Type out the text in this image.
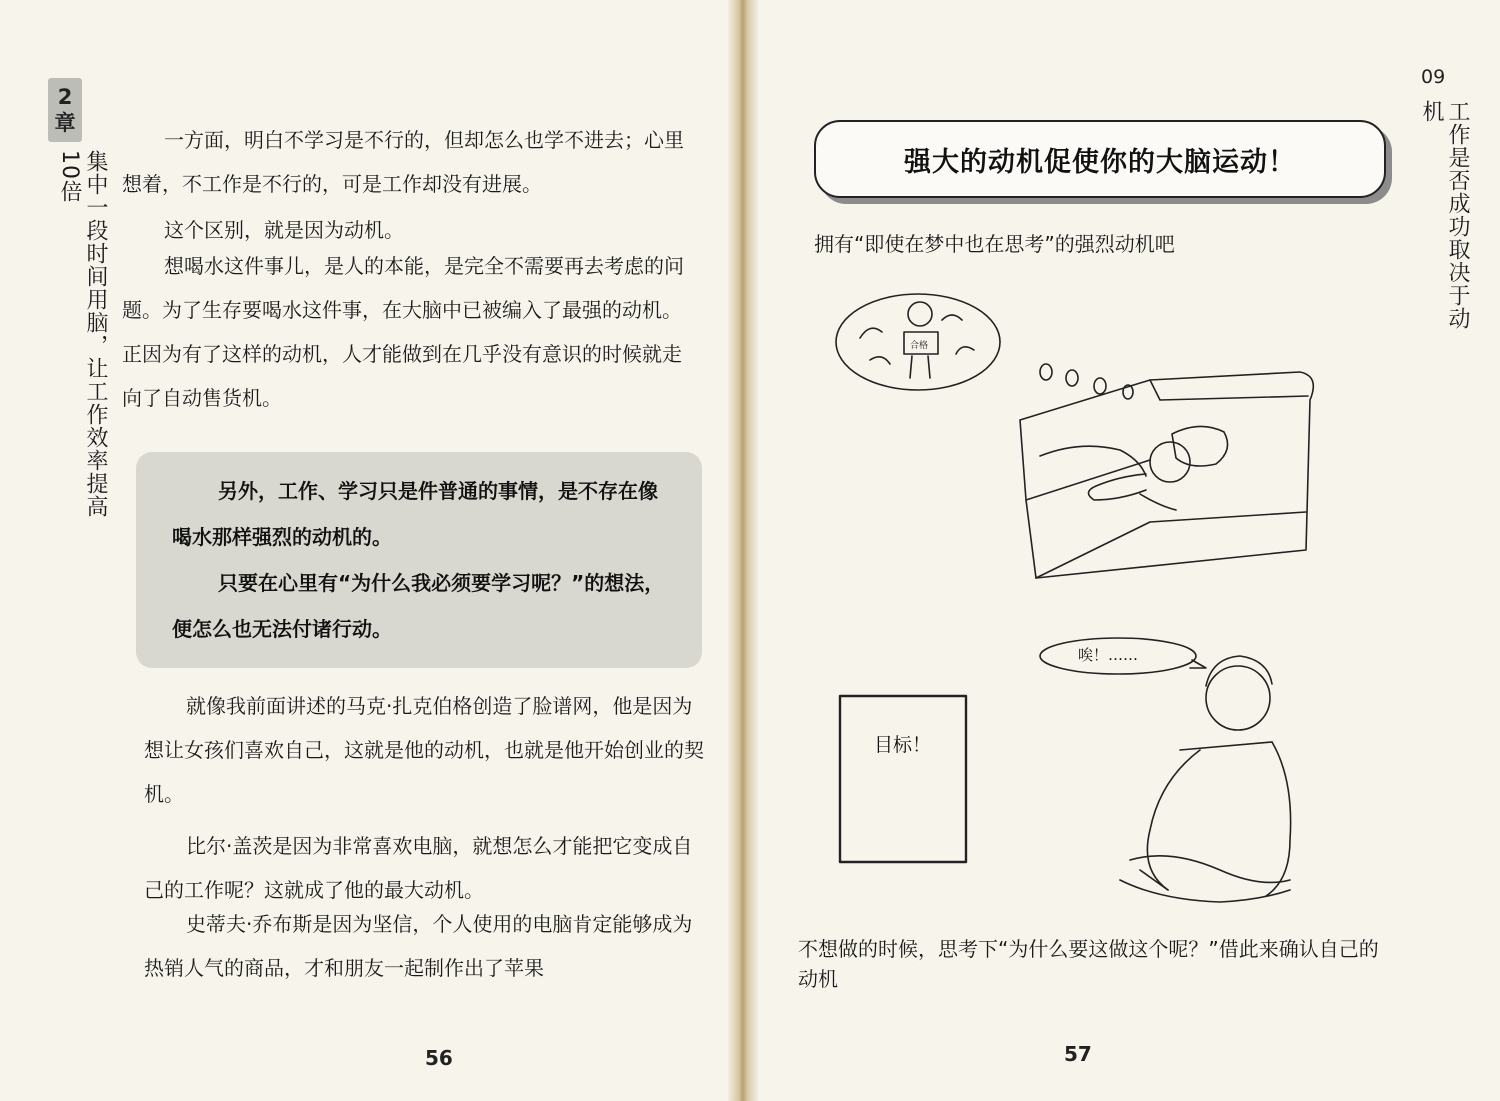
2
章
集中一段时间用脑，让工作效率提高10倍

一方面，明白不学习是不行的，但却怎么也学不进去；心里想着，不工作是不行的，可是工作却没有进展。

这个区别，就是因为动机。

想喝水这件事儿，是人的本能，是完全不需要再去考虑的问题。为了生存要喝水这件事，在大脑中已被编入了最强的动机。正因为有了这样的动机，人才能做到在几乎没有意识的时候就走向了自动售货机。

另外，工作、学习只是件普通的事情，是不存在像喝水那样强烈的动机的。

只要在心里有“为什么我必须要学习呢？”的想法，便怎么也无法付诸行动。

就像我前面讲述的马克·扎克伯格创造了脸谱网，他是因为想让女孩们喜欢自己，这就是他的动机，也就是他开始创业的契机。

比尔·盖茨是因为非常喜欢电脑，就想怎么才能把它变成自己的工作呢？这就成了他的最大动机。

史蒂夫·乔布斯是因为坚信，个人使用的电脑肯定能够成为热销人气的商品，才和朋友一起制作出了苹果

56
09
工作是否成功取决于动机
强大的动机促使你的大脑运动！
拥有“即使在梦中也在思考”的强烈动机吧
合格
唉！……
目标！

不想做的时候，思考下“为什么要这做这个呢？”借此来确认自己的动机

57
